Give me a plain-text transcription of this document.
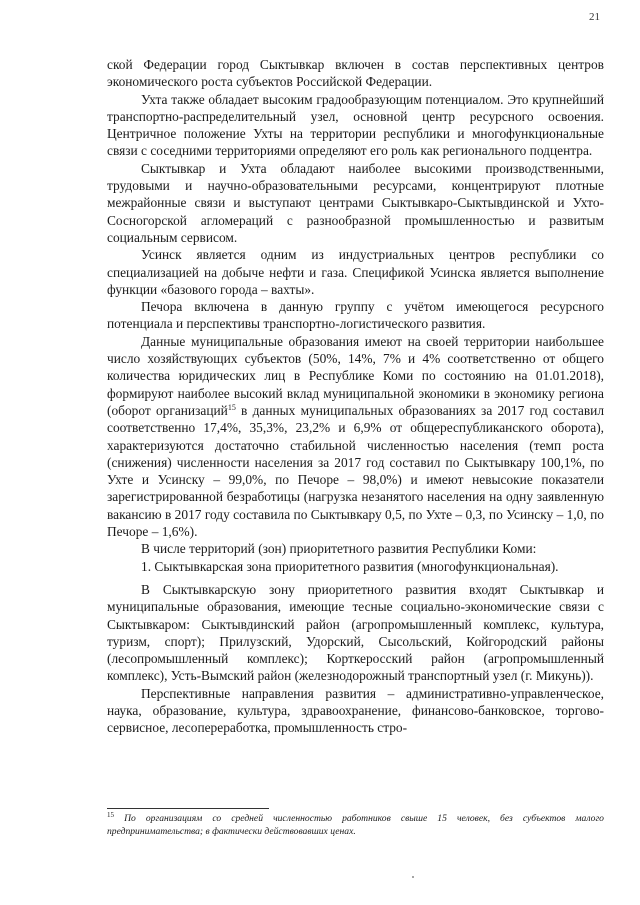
21

ской Федерации город Сыктывкар включен в состав перспективных центров экономического роста субъектов Российской Федерации.

Ухта также обладает высоким градообразующим потенциалом. Это крупнейший транспортно-распределительный узел, основной центр ресурсного освоения. Центричное положение Ухты на территории республики и многофункциональные связи с соседними территориями определяют его роль как регионального подцентра.

Сыктывкар и Ухта обладают наиболее высокими производственными, трудовыми и научно-образовательными ресурсами, концентрируют плотные межрайонные связи и выступают центрами Сыктывкаро-Сыктывдинской и Ухто-Сосногорской агломераций с разнообразной промышленностью и развитым социальным сервисом.

Усинск является одним из индустриальных центров республики со специализацией на добыче нефти и газа. Спецификой Усинска является выполнение функции «базового города – вахты».

Печора включена в данную группу с учётом имеющегося ресурсного потенциала и перспективы транспортно-логистического развития.

Данные муниципальные образования имеют на своей территории наибольшее число хозяйствующих субъектов (50%, 14%, 7% и 4% соответственно от общего количества юридических лиц в Республике Коми по состоянию на 01.01.2018), формируют наиболее высокий вклад муниципальной экономики в экономику региона (оборот организаций$^{15}$ в данных муниципальных образованиях за 2017 год составил соответственно 17,4%, 35,3%, 23,2% и 6,9% от общереспубликанского оборота), характеризуются достаточно стабильной численностью населения (темп роста (снижения) численности населения за 2017 год составил по Сыктывкару 100,1%, по Ухте и Усинску – 99,0%, по Печоре – 98,0%) и имеют невысокие показатели зарегистрированной безработицы (нагрузка незанятого населения на одну заявленную вакансию в 2017 году составила по Сыктывкару 0,5, по Ухте – 0,3, по Усинску – 1,0, по Печоре – 1,6%).

В числе территорий (зон) приоритетного развития Республики Коми:

1. Сыктывкарская зона приоритетного развития (многофункциональная).

В Сыктывкарскую зону приоритетного развития входят Сыктывкар и муниципальные образования, имеющие тесные социально-экономические связи с Сыктывкаром: Сыктывдинский район (агропромышленный комплекс, культура, туризм, спорт); Прилузский, Удорский, Сысольский, Койгородский районы (лесопромышленный комплекс); Корткеросский район (агропромышленный комплекс), Усть-Вымский район (железнодорожный транспортный узел (г. Микунь)).

Перспективные направления развития – административно-управленческое, наука, образование, культура, здравоохранение, финансово-банковское, торгово-сервисное, лесопереработка, промышленность стро-

$^{15}$ По организациям со средней численностью работников свыше 15 человек, без субъектов малого предпринимательства; в фактически действовавших ценах.
